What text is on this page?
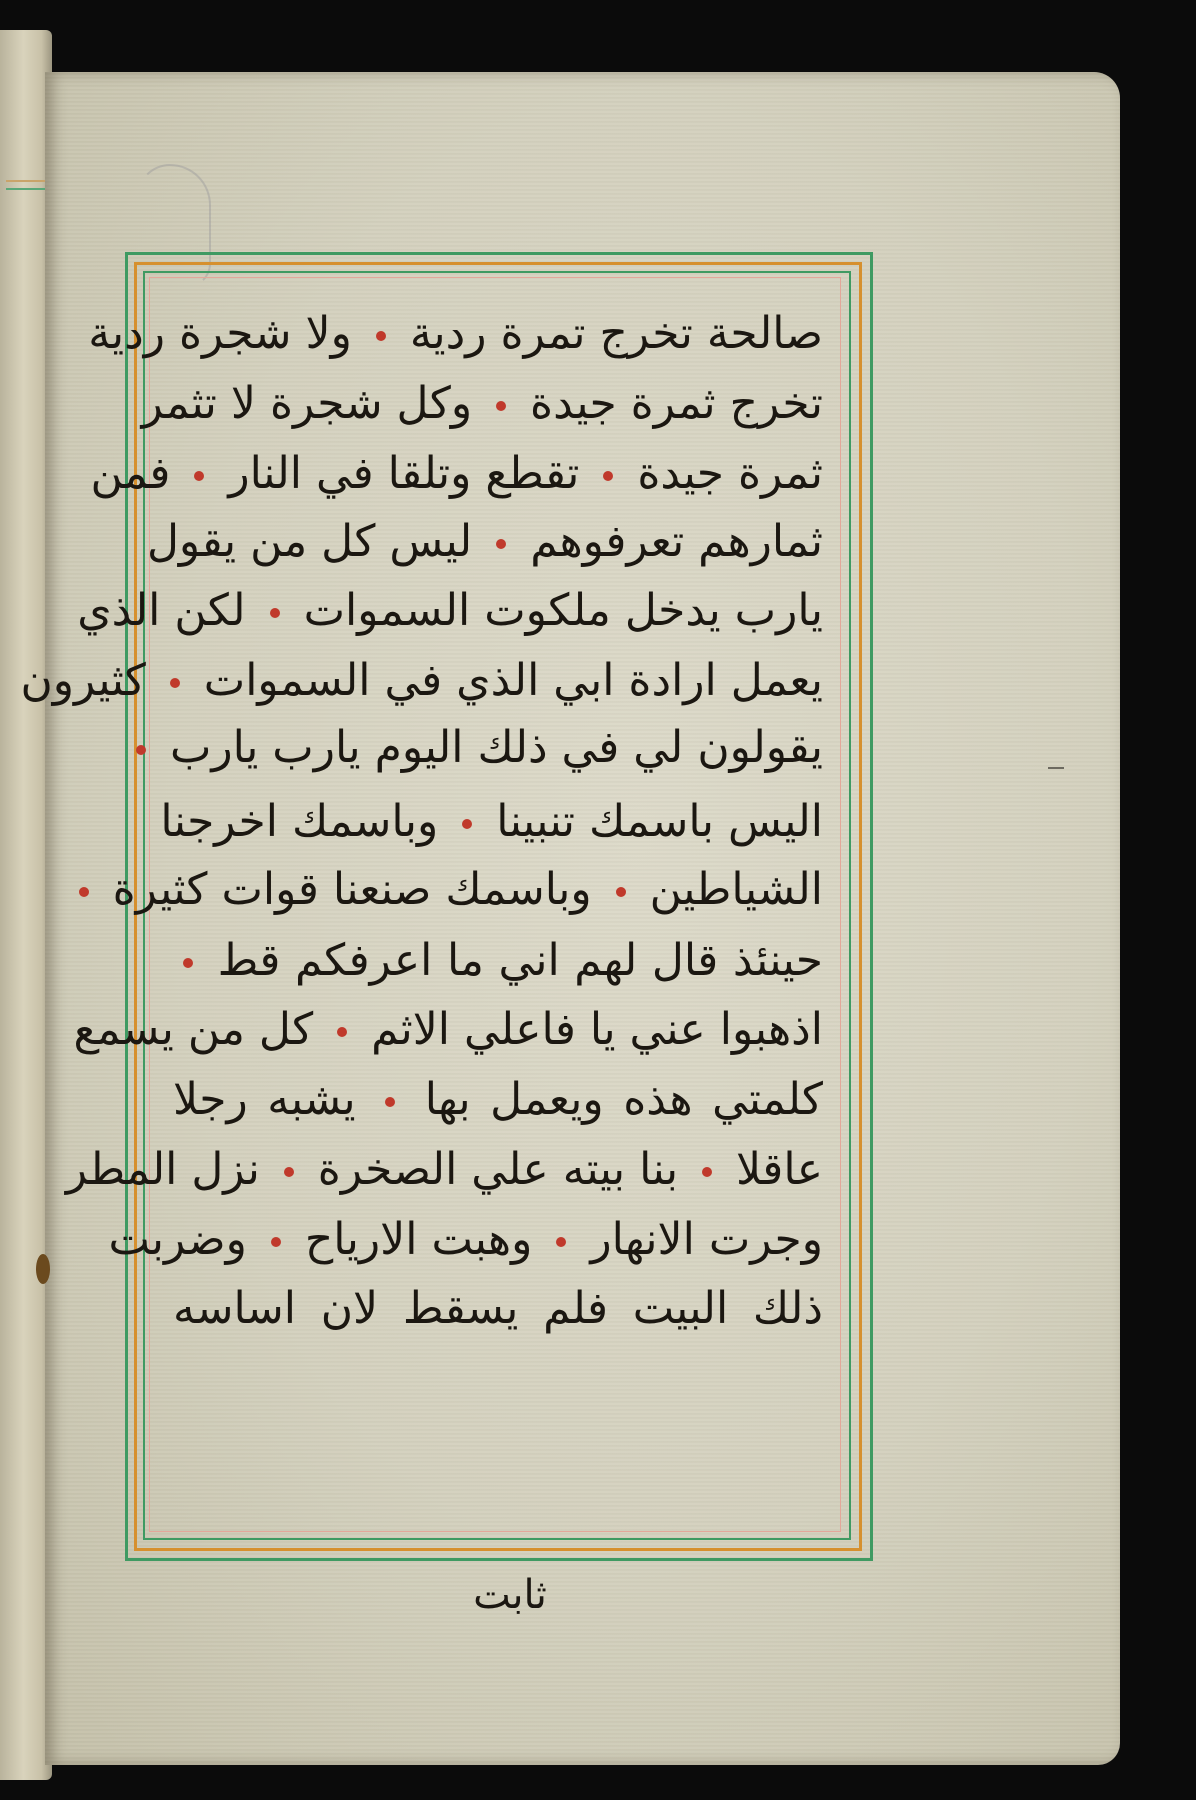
صالحة تخرج تمرة ردية  ولا شجرة ردية
تخرج ثمرة جيدة  وكل شجرة لا تثمر
ثمرة جيدة  تقطع وتلقا في النار  فمن
ثمارهم تعرفوهم  ليس كل من يقول
يارب يدخل ملكوت السموات  لكن الذي
يعمل ارادة ابي الذي في السموات  كثيرون
يقولون لي في ذلك اليوم يارب يارب
اليس باسمك تنبينا  وباسمك اخرجنا
الشياطين  وباسمك صنعنا قوات كثيرة
حينئذ قال لهم اني ما اعرفكم قط
اذهبوا عني يا فاعلي الاثم  كل من يسمع
كلمتي هذه ويعمل بها  يشبه رجلا
عاقلا  بنا بيته علي الصخرة  نزل المطر
وجرت الانهار  وهبت الارياح  وضربت
ذلك البيت فلم يسقط لان اساسه
ثابت
